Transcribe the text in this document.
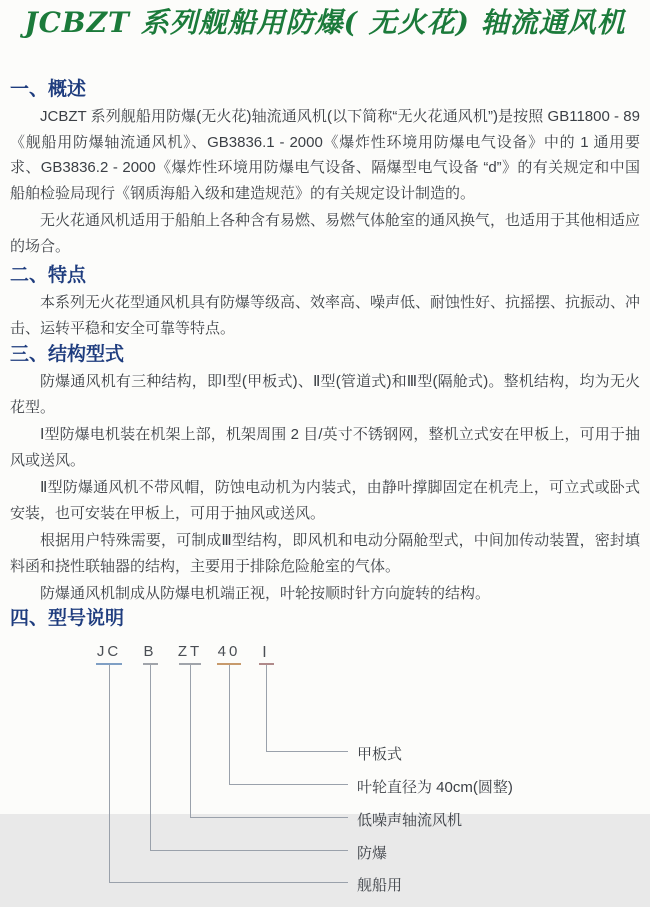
JCBZT 系列舰船用防爆( 无火花) 轴流通风机
一、概述

JCBZT 系列舰船用防爆(无火花)轴流通风机(以下简称“无火花通风机”)是按照 GB11800 - 89《舰船用防爆轴流通风机》、GB3836.1 - 2000《爆炸性环境用防爆电气设备》中的 1 通用要求、GB3836.2 - 2000《爆炸性环境用防爆电气设备、隔爆型电气设备 “d”》的有关规定和中国船舶检验局现行《钢质海船入级和建造规范》的有关规定设计制造的。

无火花通风机适用于船舶上各种含有易燃、易燃气体舱室的通风换气，也适用于其他相适应的场合。

二、特点

本系列无火花型通风机具有防爆等级高、效率高、噪声低、耐蚀性好、抗摇摆、抗振动、冲击、运转平稳和安全可靠等特点。

三、结构型式

防爆通风机有三种结构，即Ⅰ型(甲板式)、Ⅱ型(管道式)和Ⅲ型(隔舱式)。整机结构，均为无火花型。

Ⅰ型防爆电机装在机架上部，机架周围 2 目/英寸不锈钢网，整机立式安在甲板上，可用于抽风或送风。

Ⅱ型防爆通风机不带风帽，防蚀电动机为内装式，由静叶撑脚固定在机壳上，可立式或卧式安装，也可安装在甲板上，可用于抽风或送风。

根据用户特殊需要，可制成Ⅲ型结构，即风机和电动分隔舱型式，中间加传动装置，密封填料函和挠性联轴器的结构，主要用于排除危险舱室的气体。

防爆通风机制成从防爆电机端正视，叶轮按顺时针方向旋转的结构。

四、型号说明
JC B ZT 40 Ⅰ
甲板式
叶轮直径为 40cm(圆整)
低噪声轴流风机
防爆
舰船用
